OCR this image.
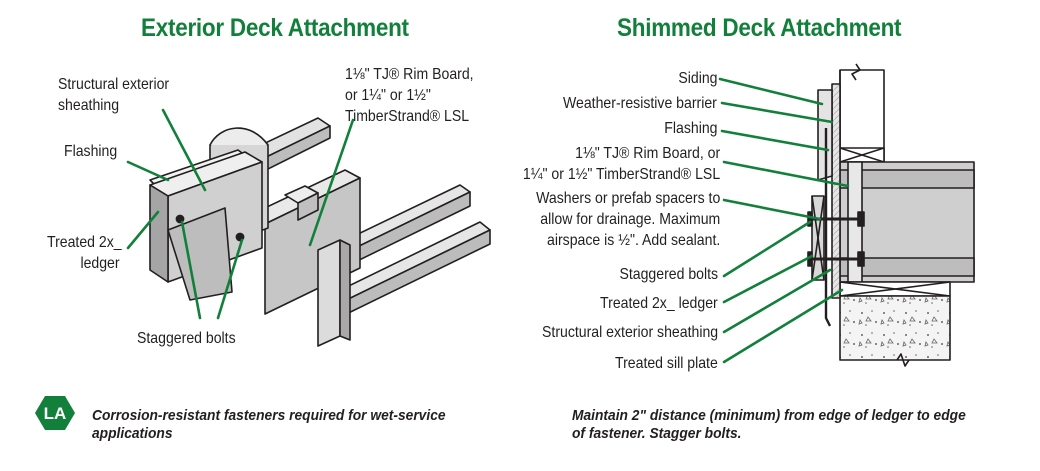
LA
Exterior Deck Attachment	Shimmed Deck Attachment
Structural exterior
sheathing
Flashing
Treated 2x_
ledger
Staggered bolts
1⅛" TJ® Rim Board,
or 1¼" or 1½"
TimberStrand® LSL
Siding
Weather-resistive barrier
Flashing
1⅛" TJ® Rim Board, or
1¼" or 1½" TimberStrand® LSL
Washers or prefab spacers to
allow for drainage. Maximum
airspace is ½". Add sealant.
Staggered bolts
Treated 2x_ ledger
Structural exterior sheathing
Treated sill plate
Corrosion-resistant fasteners required for wet-service
applications
Maintain 2" distance (minimum) from edge of ledger to edge
of fastener. Stagger bolts.
